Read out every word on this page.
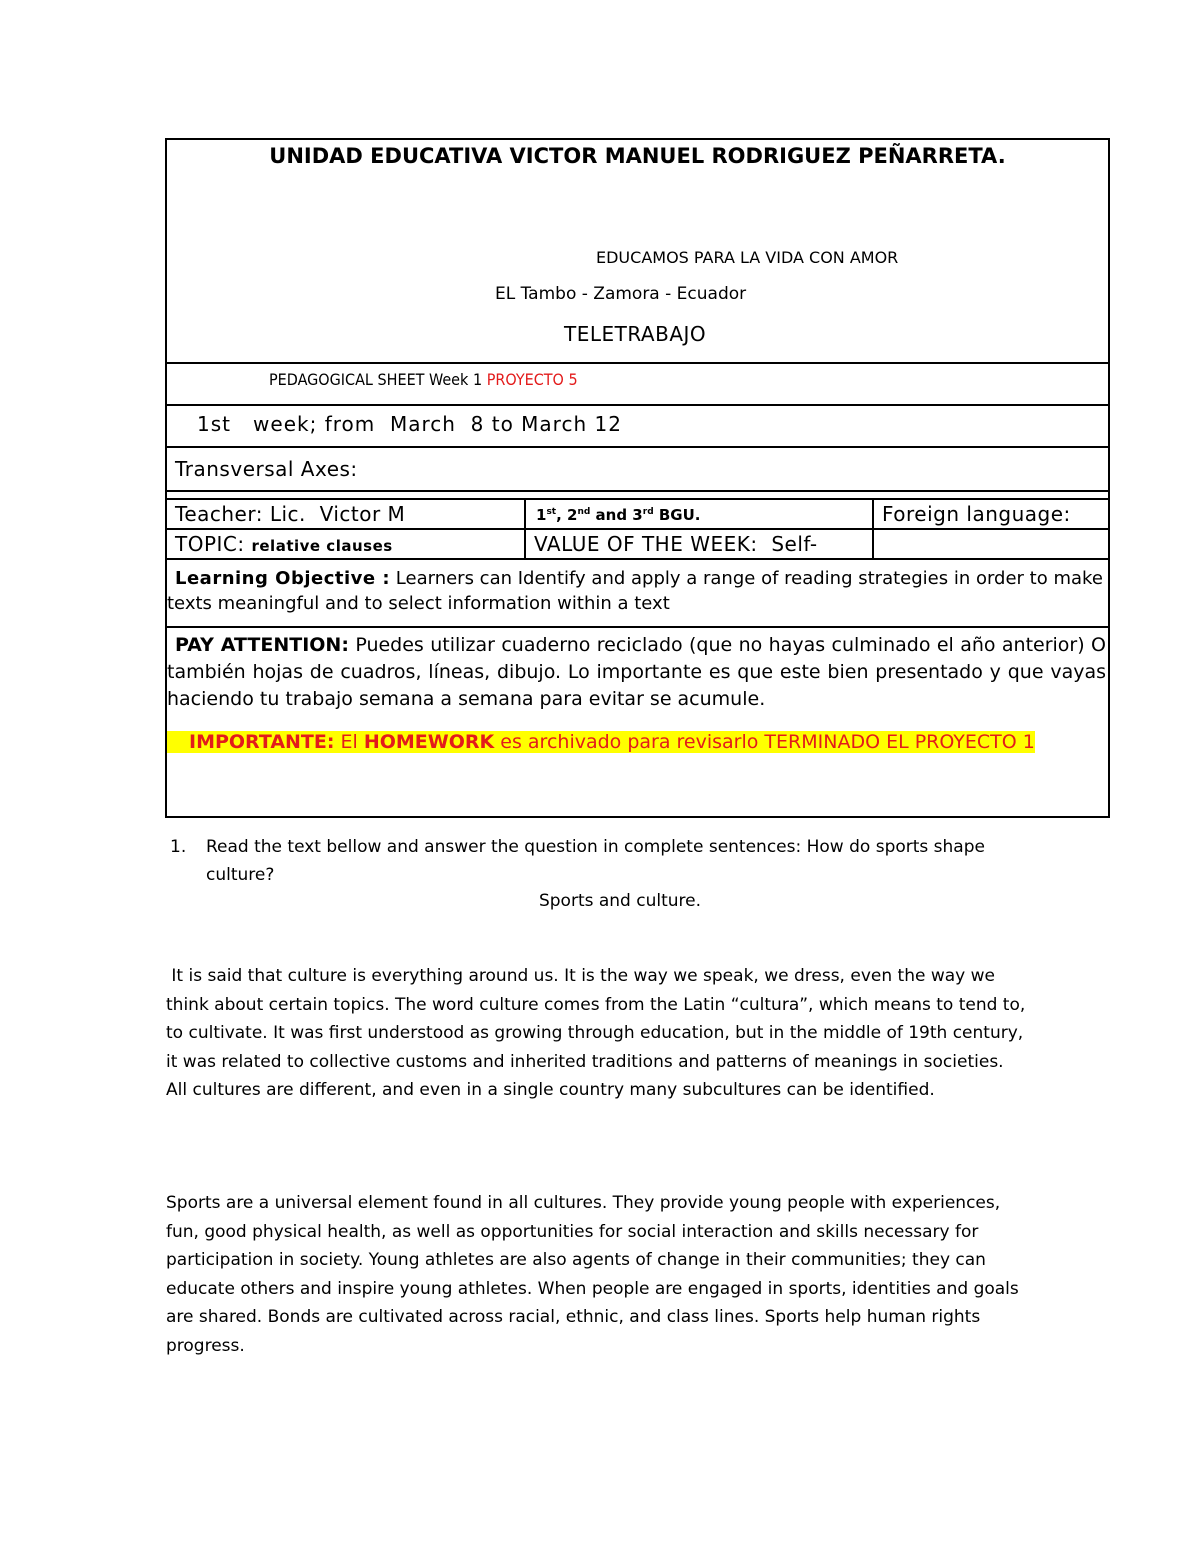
UNIDAD EDUCATIVA VICTOR MANUEL RODRIGUEZ PEÑARRETA.
EDUCAMOS PARA LA VIDA CON AMOR
EL Tambo - Zamora - Ecuador
TELETRABAJO
PEDAGOGICAL SHEET Week 1 PROYECTO 5
1st   week; from  March  8 to March 12
Transversal Axes:
Teacher: Lic.  Victor M	1st, 2nd and 3rd BGU.	Foreign language:
TOPIC: relative clauses	VALUE OF THE WEEK:  Self-
Learning Objective : Learners can Identify and apply a range of reading strategies in order to make texts meaningful and to select information within a text
PAY ATTENTION: Puedes utilizar cuaderno reciclado (que no hayas culminado el año anterior) O también hojas de cuadros, líneas, dibujo. Lo importante es que este bien presentado y que vayas haciendo tu trabajo semana a semana para evitar se acumule.
IMPORTANTE: El HOMEWORK es archivado para revisarlo TERMINADO EL PROYECTO 1
1. Read the text bellow and answer the question in complete sentences: How do sports shape culture?
Sports and culture.
It is said that culture is everything around us. It is the way we speak, we dress, even the way we think about certain topics. The word culture comes from the Latin “cultura”, which means to tend to, to cultivate. It was first understood as growing through education, but in the middle of 19th century, it was related to collective customs and inherited traditions and patterns of meanings in societies. All cultures are different, and even in a single country many subcultures can be identified.
Sports are a universal element found in all cultures. They provide young people with experiences, fun, good physical health, as well as opportunities for social interaction and skills necessary for participation in society. Young athletes are also agents of change in their communities; they can educate others and inspire young athletes. When people are engaged in sports, identities and goals are shared. Bonds are cultivated across racial, ethnic, and class lines. Sports help human rights progress.
